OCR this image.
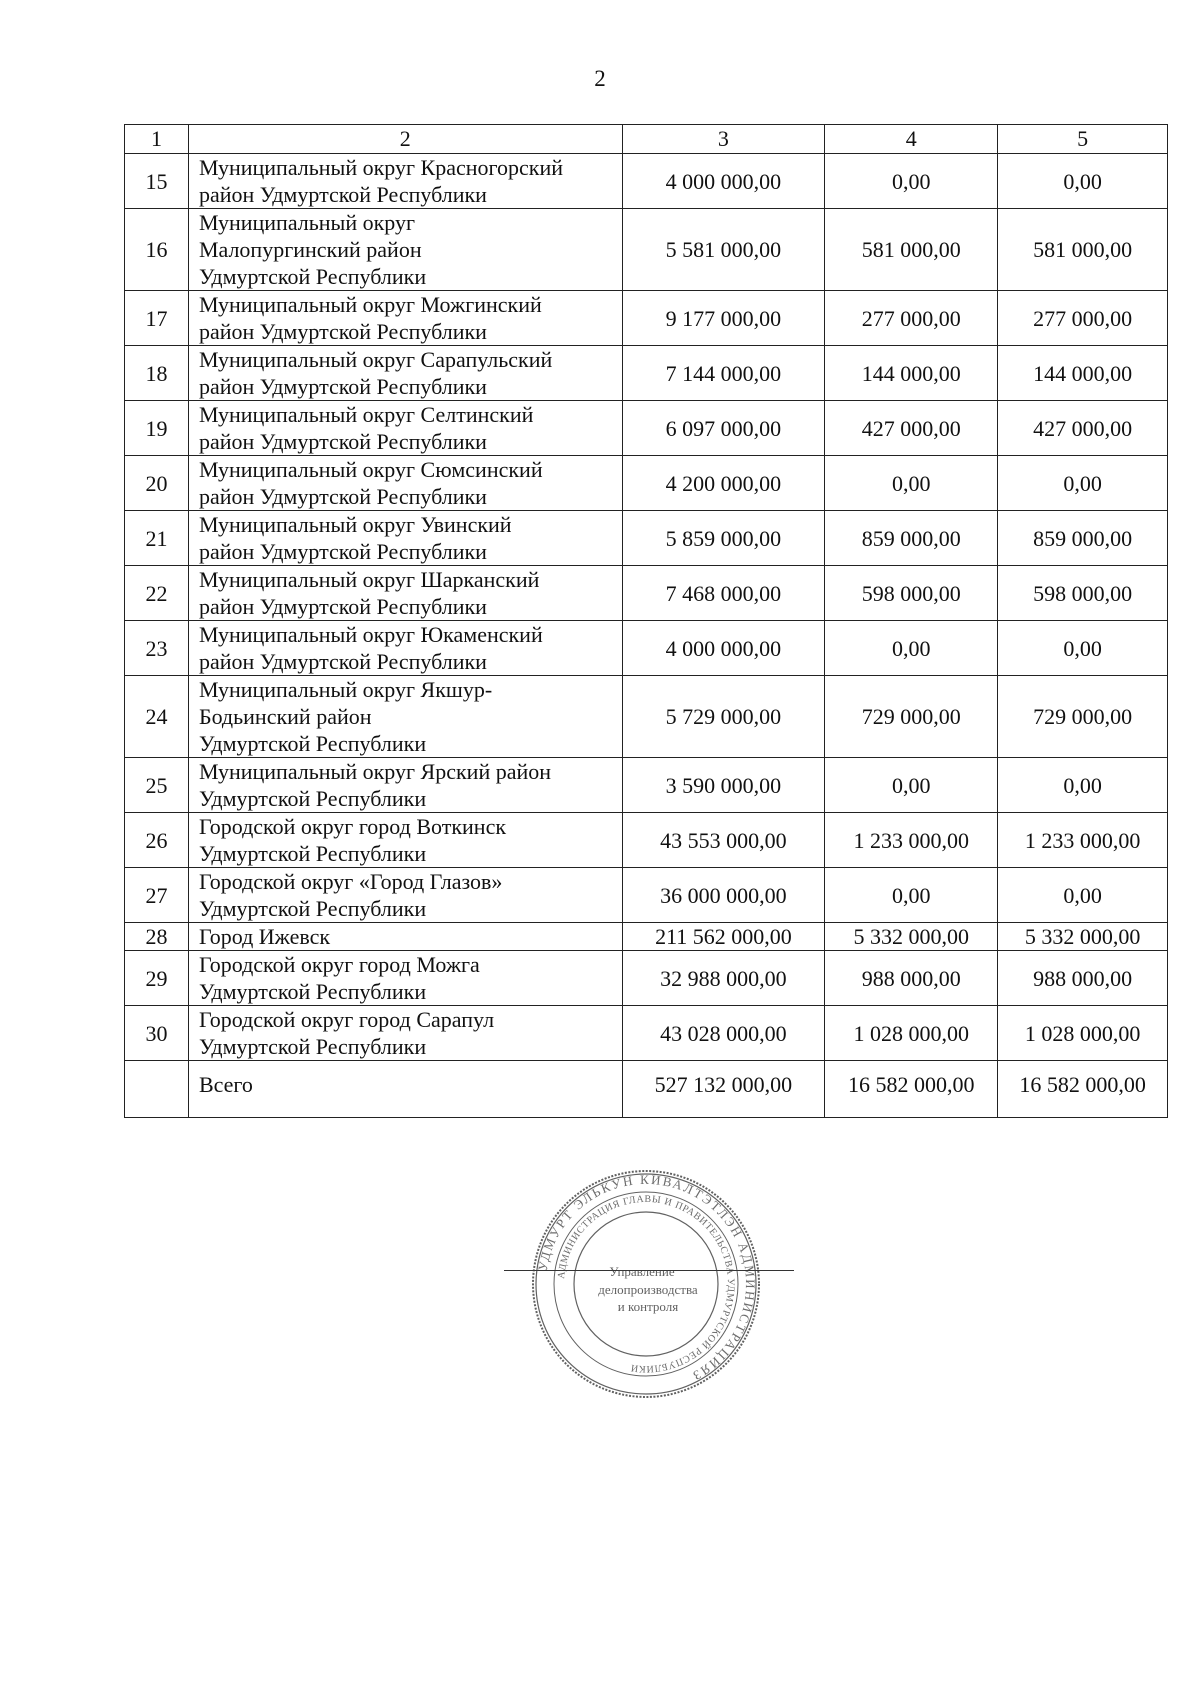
2
1	2	3	4	5
15	Муниципальный округ Красногорский
район Удмуртской Республики	4 000 000,00	0,00	0,00
16	Муниципальный округ
Малопургинский район
Удмуртской Республики	5 581 000,00	581 000,00	581 000,00
17	Муниципальный округ Можгинский
район Удмуртской Республики	9 177 000,00	277 000,00	277 000,00
18	Муниципальный округ Сарапульский
район Удмуртской Республики	7 144 000,00	144 000,00	144 000,00
19	Муниципальный округ Селтинский
район Удмуртской Республики	6 097 000,00	427 000,00	427 000,00
20	Муниципальный округ Сюмсинский
район Удмуртской Республики	4 200 000,00	0,00	0,00
21	Муниципальный округ Увинский
район Удмуртской Республики	5 859 000,00	859 000,00	859 000,00
22	Муниципальный округ Шарканский
район Удмуртской Республики	7 468 000,00	598 000,00	598 000,00
23	Муниципальный округ Юкаменский
район Удмуртской Республики	4 000 000,00	0,00	0,00
24	Муниципальный округ Якшур-
Бодьинский район
Удмуртской Республики	5 729 000,00	729 000,00	729 000,00
25	Муниципальный округ Ярский район
Удмуртской Республики	3 590 000,00	0,00	0,00
26	Городской округ город Воткинск
Удмуртской Республики	43 553 000,00	1 233 000,00	1 233 000,00
27	Городской округ «Город Глазов»
Удмуртской Республики	36 000 000,00	0,00	0,00
28	Город Ижевск	211 562 000,00	5 332 000,00	5 332 000,00
29	Городской округ город Можга
Удмуртской Республики	32 988 000,00	988 000,00	988 000,00
30	Городской округ город Сарапул
Удмуртской Республики	43 028 000,00	1 028 000,00	1 028 000,00
	Всего	527 132 000,00	16 582 000,00	16 582 000,00
УДМУРТ ЭЛЬКУН КИВАЛТЭТЛЭН АДМИНИСТРАЦИЯЗ
АДМИНИСТРАЦИЯ ГЛАВЫ И ПРАВИТЕЛЬСТВА УДМУРТСКОЙ РЕСПУБЛИКИ
Управление
делопроизводства
и контроля
